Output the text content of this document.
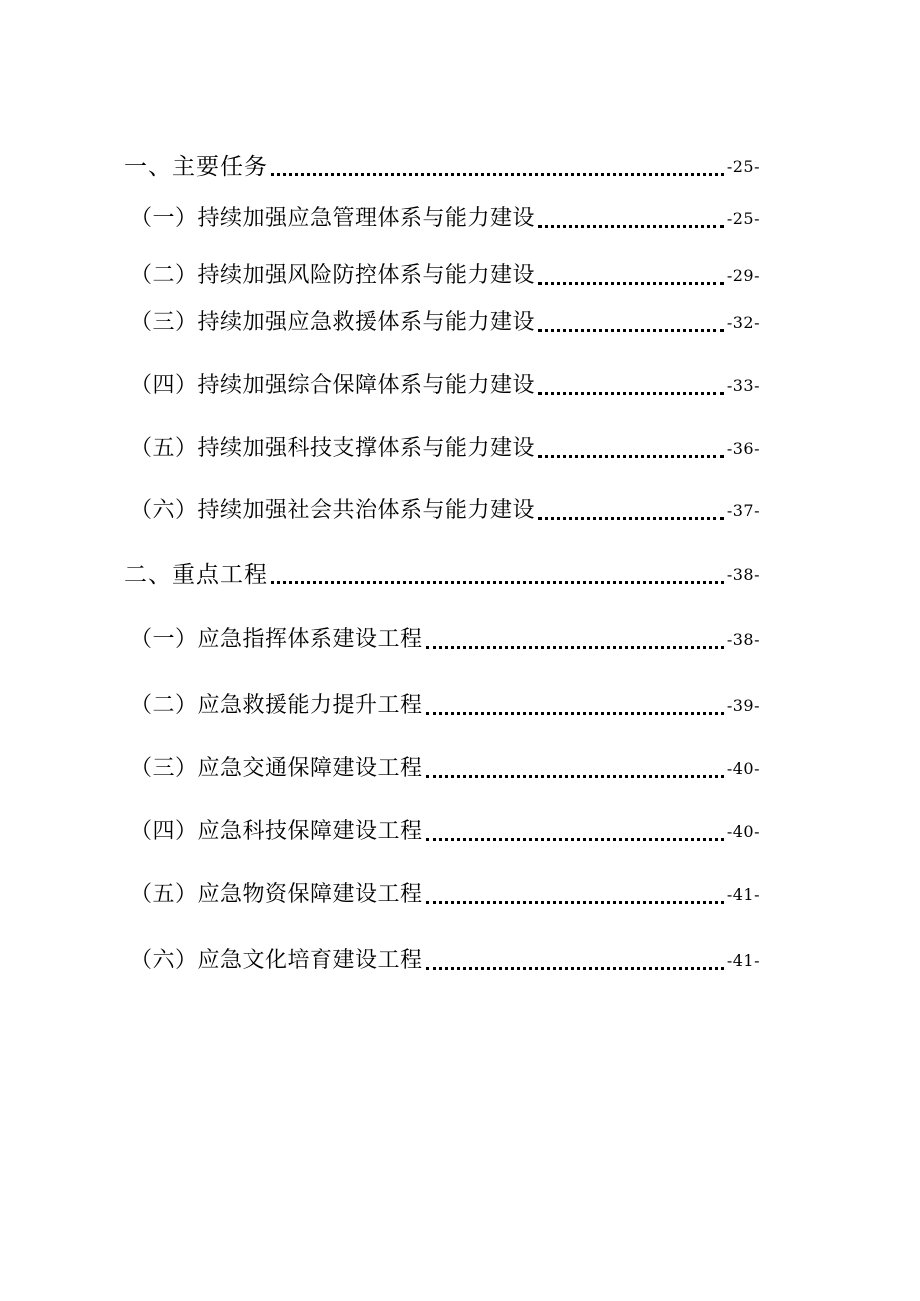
一、主要任务	-25-
（一）持续加强应急管理体系与能力建设	-25-
（二）持续加强风险防控体系与能力建设	-29-
（三）持续加强应急救援体系与能力建设	-32-
（四）持续加强综合保障体系与能力建设	-33-
（五）持续加强科技支撑体系与能力建设	-36-
（六）持续加强社会共治体系与能力建设	-37-
二、重点工程	-38-
（一）应急指挥体系建设工程	-38-
（二）应急救援能力提升工程	-39-
（三）应急交通保障建设工程	-40-
（四）应急科技保障建设工程	-40-
（五）应急物资保障建设工程	-41-
（六）应急文化培育建设工程	-41-
